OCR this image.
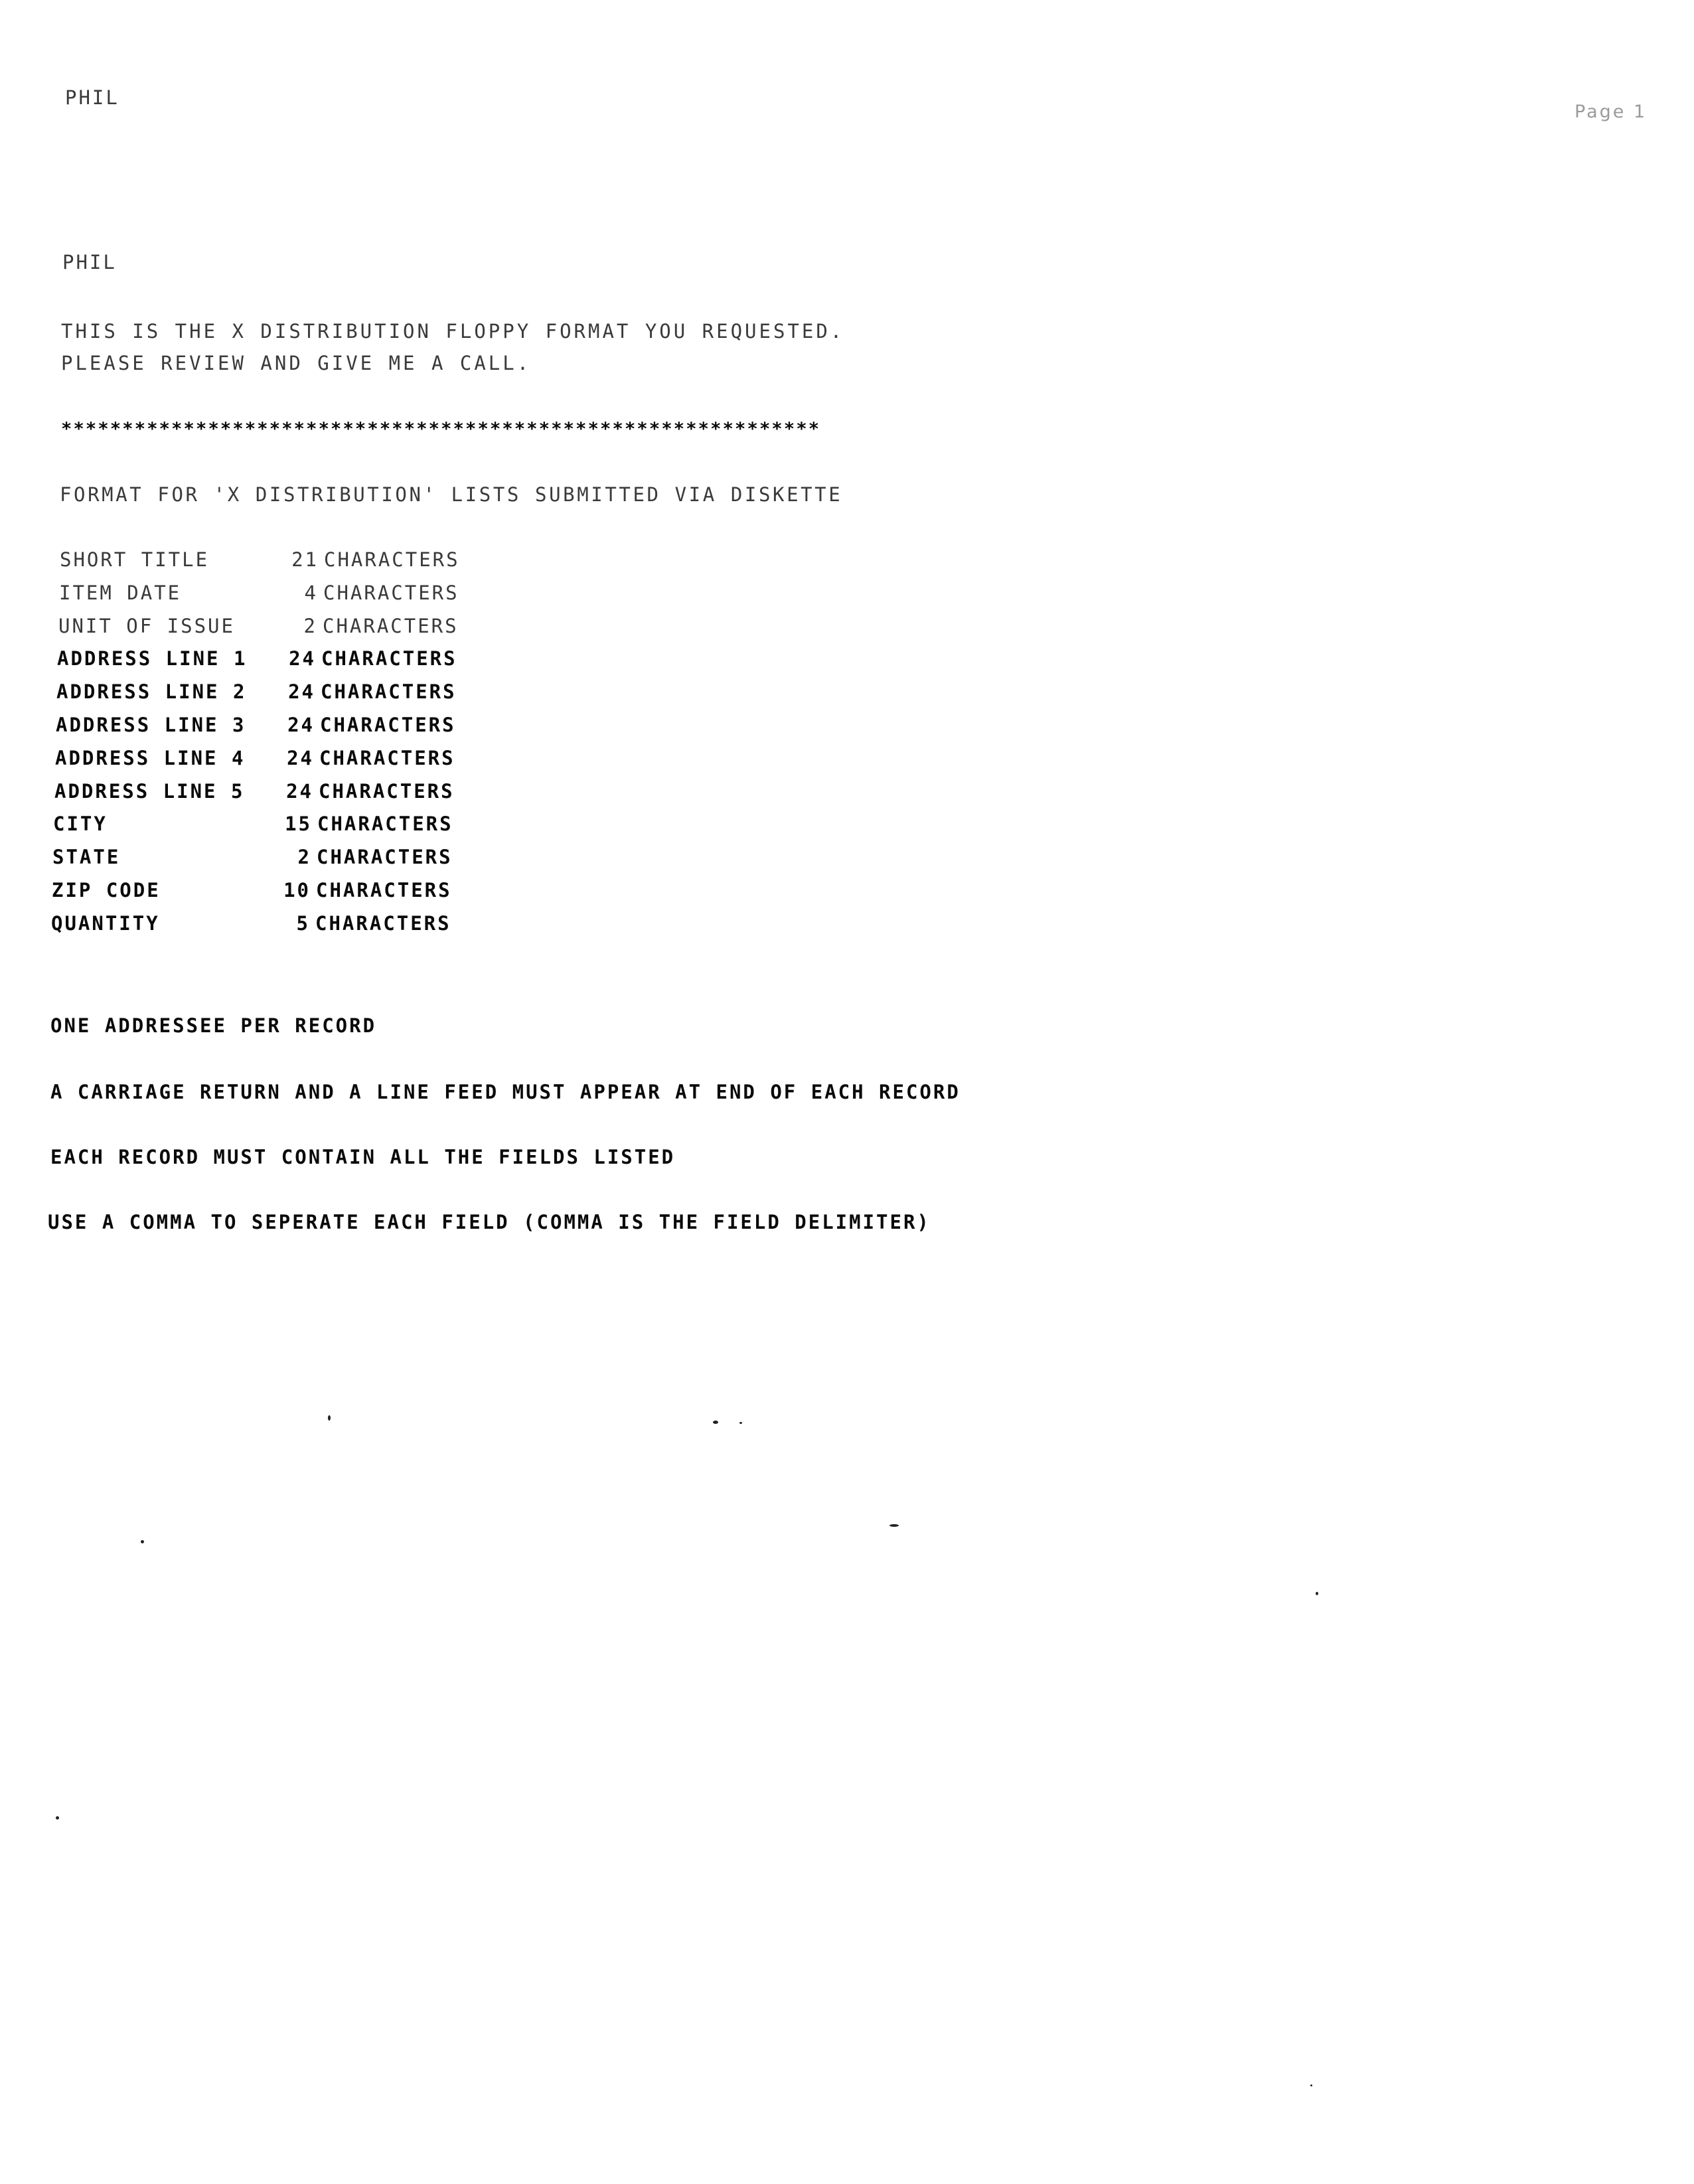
PHIL
Page 1
PHIL
THIS IS THE X DISTRIBUTION FLOPPY FORMAT YOU REQUESTED.
PLEASE REVIEW AND GIVE ME A CALL.
**************************************************************
FORMAT FOR 'X DISTRIBUTION' LISTS SUBMITTED VIA DISKETTE
SHORT TITLE	21 CHARACTERS
ITEM DATE	4 CHARACTERS
UNIT OF ISSUE	2 CHARACTERS
ADDRESS LINE 1	24 CHARACTERS
ADDRESS LINE 2	24 CHARACTERS
ADDRESS LINE 3	24 CHARACTERS
ADDRESS LINE 4	24 CHARACTERS
ADDRESS LINE 5	24 CHARACTERS
CITY	15 CHARACTERS
STATE	2 CHARACTERS
ZIP CODE	10 CHARACTERS
QUANTITY	5 CHARACTERS
ONE ADDRESSEE PER RECORD
A CARRIAGE RETURN AND A LINE FEED MUST APPEAR AT END OF EACH RECORD
EACH RECORD MUST CONTAIN ALL THE FIELDS LISTED
USE A COMMA TO SEPERATE EACH FIELD (COMMA IS THE FIELD DELIMITER)
